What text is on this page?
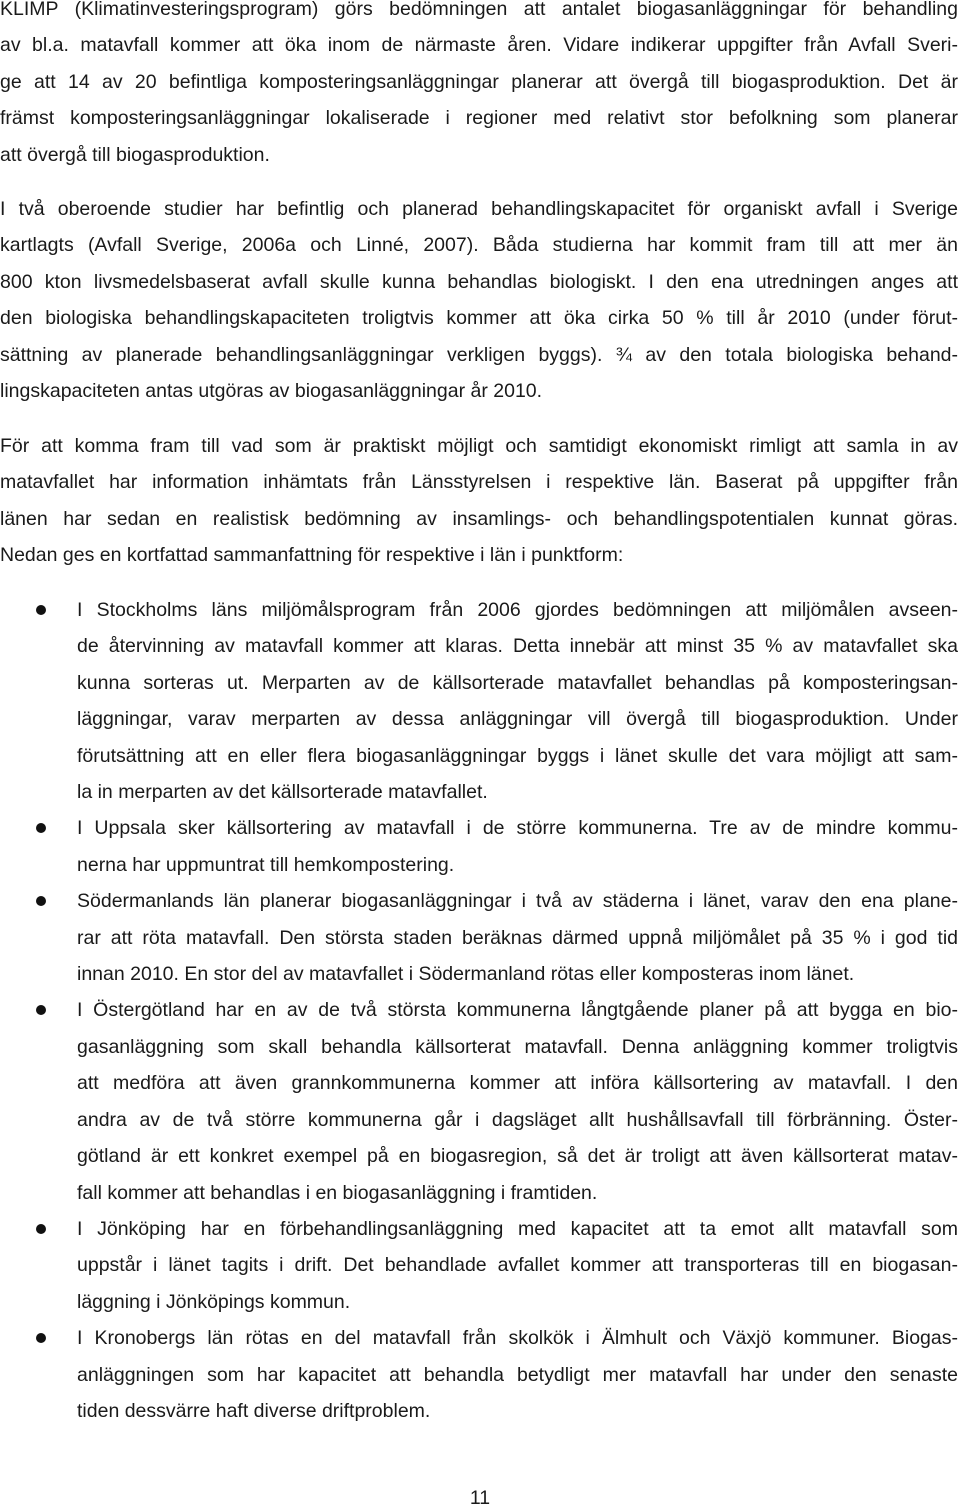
KLIMP (Klimatinvesteringsprogram) görs bedömningen att antalet biogasanläggningar för behandling
av bl.a. matavfall kommer att öka inom de närmaste åren. Vidare indikerar uppgifter från Avfall Sveri-
ge att 14 av 20 befintliga komposteringsanläggningar planerar att övergå till biogasproduktion. Det är
främst komposteringsanläggningar lokaliserade i regioner med relativt stor befolkning som planerar
att övergå till biogasproduktion.
I två oberoende studier har befintlig och planerad behandlingskapacitet för organiskt avfall i Sverige
kartlagts (Avfall Sverige, 2006a och Linné, 2007). Båda studierna har kommit fram till att mer än
800 kton livsmedelsbaserat avfall skulle kunna behandlas biologiskt. I den ena utredningen anges att
den biologiska behandlingskapaciteten troligtvis kommer att öka cirka 50 % till år 2010 (under förut-
sättning av planerade behandlingsanläggningar verkligen byggs). ¾ av den totala biologiska behand-
lingskapaciteten antas utgöras av biogasanläggningar år 2010.
För att komma fram till vad som är praktiskt möjligt och samtidigt ekonomiskt rimligt att samla in av
matavfallet har information inhämtats från Länsstyrelsen i respektive län. Baserat på uppgifter från
länen har sedan en realistisk bedömning av insamlings- och behandlingspotentialen kunnat göras.
Nedan ges en kortfattad sammanfattning för respektive i län i punktform:
I Stockholms läns miljömålsprogram från 2006 gjordes bedömningen att miljömålen avseen-
de återvinning av matavfall kommer att klaras. Detta innebär att minst 35 % av matavfallet ska
kunna sorteras ut. Merparten av de källsorterade matavfallet behandlas på komposteringsan-
läggningar, varav merparten av dessa anläggningar vill övergå till biogasproduktion. Under
förutsättning att en eller flera biogasanläggningar byggs i länet skulle det vara möjligt att sam-
la in merparten av det källsorterade matavfallet.
I Uppsala sker källsortering av matavfall i de större kommunerna. Tre av de mindre kommu-
nerna har uppmuntrat till hemkompostering.
Södermanlands län planerar biogasanläggningar i två av städerna i länet, varav den ena plane-
rar att röta matavfall. Den största staden beräknas därmed uppnå miljömålet på 35 % i god tid
innan 2010. En stor del av matavfallet i Södermanland rötas eller komposteras inom länet.
I Östergötland har en av de två största kommunerna långtgående planer på att bygga en bio-
gasanläggning som skall behandla källsorterat matavfall. Denna anläggning kommer troligtvis
att medföra att även grannkommunerna kommer att införa källsortering av matavfall. I den
andra av de två större kommunerna går i dagsläget allt hushållsavfall till förbränning. Öster-
götland är ett konkret exempel på en biogasregion, så det är troligt att även källsorterat matav-
fall kommer att behandlas i en biogasanläggning i framtiden.
I Jönköping har en förbehandlingsanläggning med kapacitet att ta emot allt matavfall som
uppstår i länet tagits i drift. Det behandlade avfallet kommer att transporteras till en biogasan-
läggning i Jönköpings kommun.
I Kronobergs län rötas en del matavfall från skolkök i Älmhult och Växjö kommuner. Biogas-
anläggningen som har kapacitet att behandla betydligt mer matavfall har under den senaste
tiden dessvärre haft diverse driftproblem.
11
